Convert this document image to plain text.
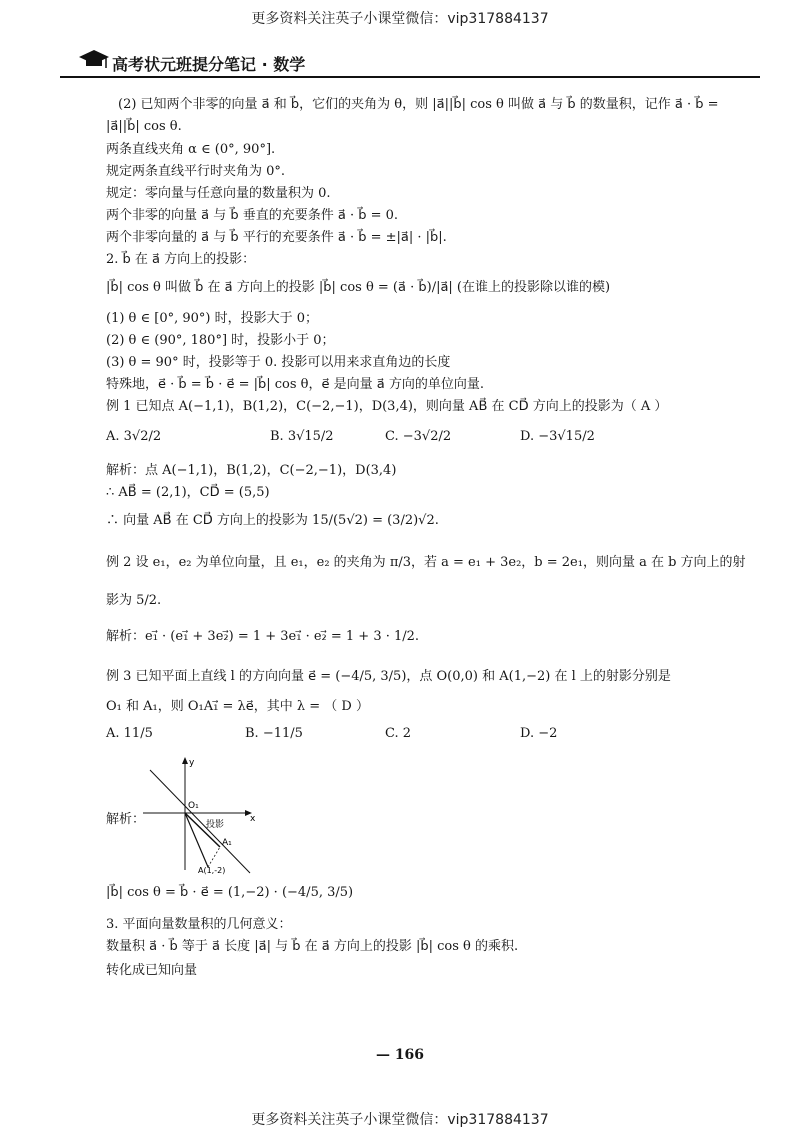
更多资料关注英子小课堂微信：vip317884137
高考状元班提分笔记 · 数学
(2) 已知两个非零的向量 a⃗ 和 b⃗，它们的夹角为 θ，则 |a⃗||b⃗| cos θ 叫做 a⃗ 与 b⃗ 的数量积，记作 a⃗ · b⃗ =
|a⃗||b⃗| cos θ.
两条直线夹角 α ∈ (0°, 90°].
规定两条直线平行时夹角为 0°.
规定：零向量与任意向量的数量积为 0.
两个非零的向量 a⃗ 与 b⃗ 垂直的充要条件 a⃗ · b⃗ = 0.
两个非零向量的 a⃗ 与 b⃗ 平行的充要条件 a⃗ · b⃗ = ±|a⃗| · |b⃗|.
2. b⃗ 在 a⃗ 方向上的投影：
|b⃗| cos θ 叫做 b⃗ 在 a⃗ 方向上的投影 |b⃗| cos θ = (a⃗ · b⃗)/|a⃗| (在谁上的投影除以谁的模)
(1) θ ∈ [0°, 90°) 时，投影大于 0；
(2) θ ∈ (90°, 180°] 时，投影小于 0；
(3) θ = 90° 时，投影等于 0. 投影可以用来求直角边的长度
特殊地，e⃗ · b⃗ = b⃗ · e⃗ = |b⃗| cos θ，e⃗ 是向量 a⃗ 方向的单位向量.
例 1 已知点 A(−1,1)，B(1,2)，C(−2,−1)，D(3,4)，则向量 AB⃗ 在 CD⃗ 方向上的投影为（ A ）
A. 3√2/2	B. 3√15/2	C. −3√2/2	D. −3√15/2
解析：点 A(−1,1)，B(1,2)，C(−2,−1)，D(3,4)
∴ AB⃗ = (2,1)，CD⃗ = (5,5)
∴ 向量 AB⃗ 在 CD⃗ 方向上的投影为 15/(5√2) = (3/2)√2.
例 2 设 e₁，e₂ 为单位向量，且 e₁，e₂ 的夹角为 π/3，若 a = e₁ + 3e₂，b = 2e₁，则向量 a 在 b 方向上的射
影为 5/2.
解析：e₁⃗ · (e₁⃗ + 3e₂⃗) = 1 + 3e₁⃗ · e₂⃗ = 1 + 3 · 1/2.
例 3 已知平面上直线 l 的方向向量 e⃗ = (−4/5, 3/5)，点 O(0,0) 和 A(1,−2) 在 l 上的射影分别是
O₁ 和 A₁，则 O₁A₁⃗ = λe⃗，其中 λ = （ D ）
A. 11/5	B. −11/5	C. 2	D. −2
解析：
y
x
O₁
A₁
A(1,-2)
投影
|b⃗| cos θ = b⃗ · e⃗ = (1,−2) · (−4/5, 3/5)
3. 平面向量数量积的几何意义：
数量积 a⃗ · b⃗ 等于 a⃗ 长度 |a⃗| 与 b⃗ 在 a⃗ 方向上的投影 |b⃗| cos θ 的乘积.
转化成已知向量
— 166
更多资料关注英子小课堂微信：vip317884137
